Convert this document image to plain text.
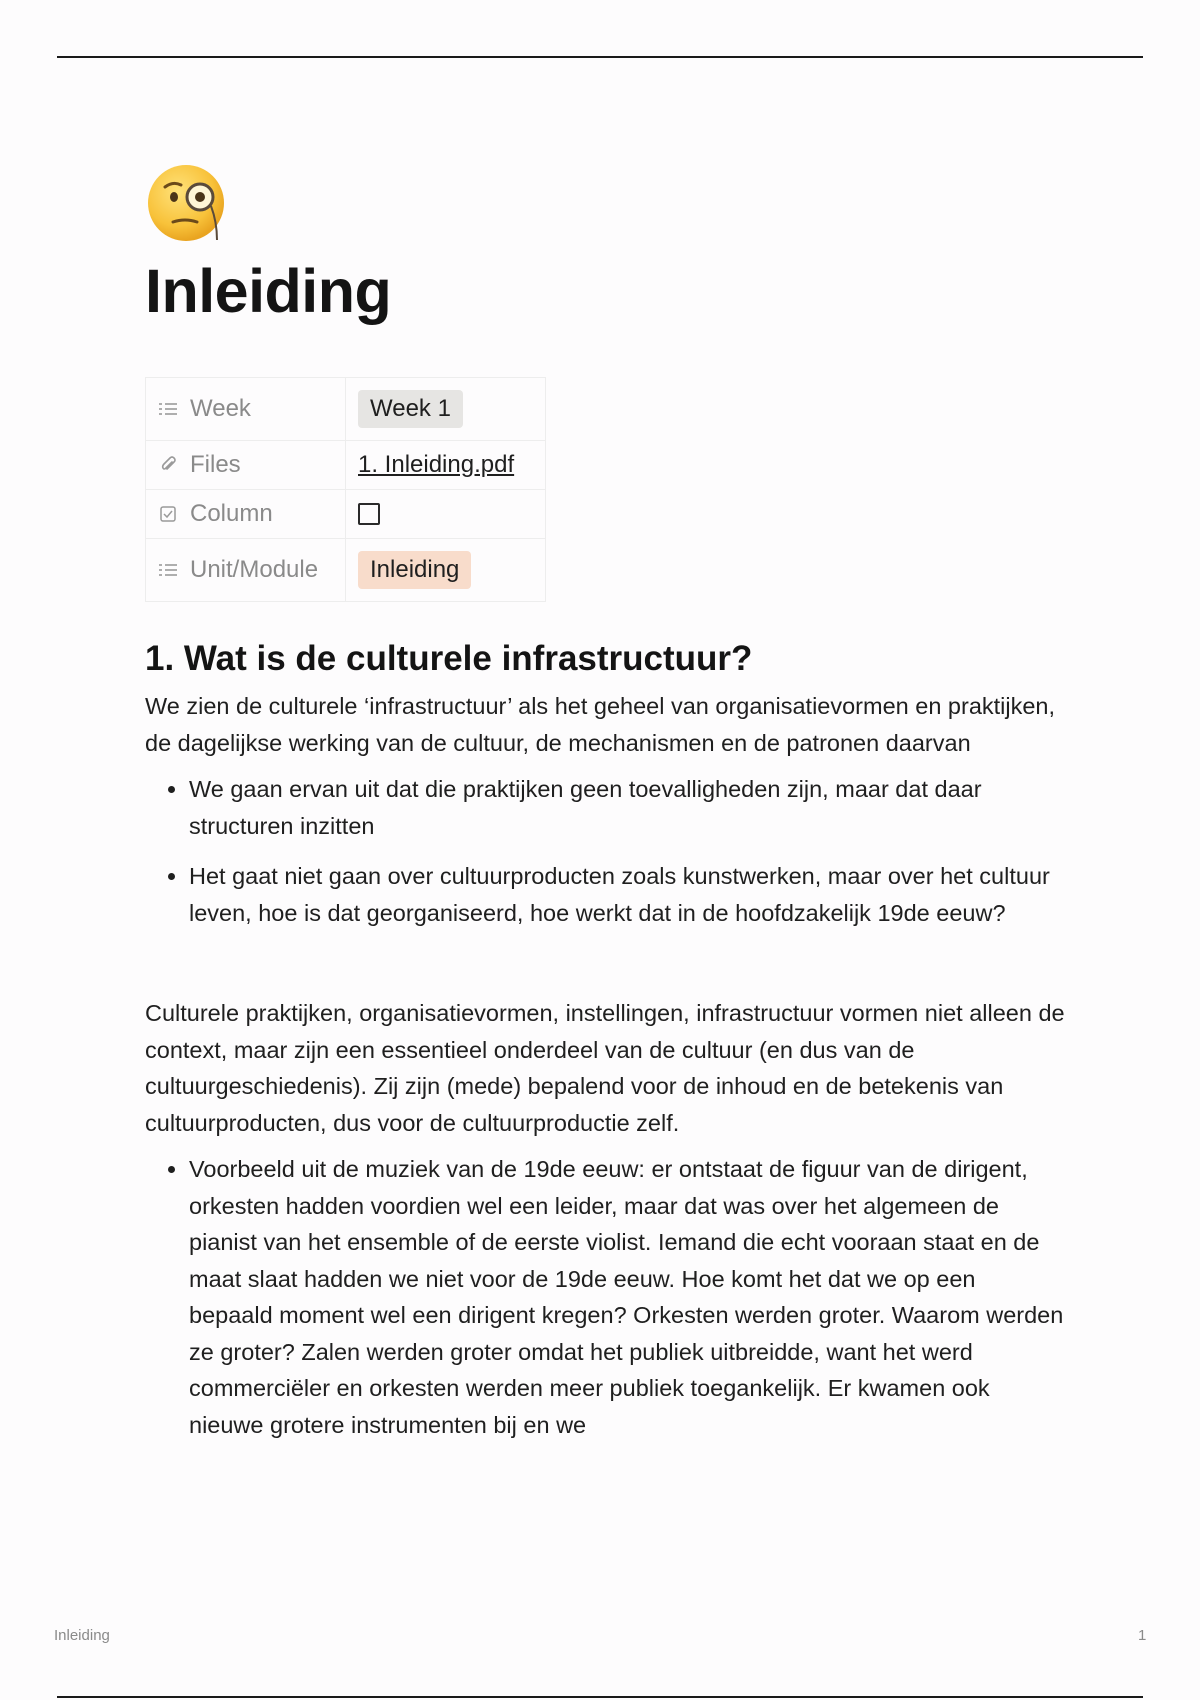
Inleiding
Week	Week 1

Files	1. Inleiding.pdf

Column	

Unit/Module	Inleiding
1. Wat is de culturele infrastructuur?

We zien de culturele ‘infrastructuur’ als het geheel van organisatievormen en praktijken, de dagelijkse werking van de cultuur, de mechanismen en de patronen daarvan

• We gaan ervan uit dat die praktijken geen toevalligheden zijn, maar dat daar structuren inzitten
• Het gaat niet gaan over cultuurproducten zoals kunstwerken, maar over het cultuur leven, hoe is dat georganiseerd, hoe werkt dat in de hoofdzakelijk 19de eeuw?

Culturele praktijken, organisatievormen, instellingen, infrastructuur vormen niet alleen de context, maar zijn een essentieel onderdeel van de cultuur (en dus van de cultuurgeschiedenis). Zij zijn (mede) bepalend voor de inhoud en de betekenis van cultuurproducten, dus voor de cultuurproductie zelf.

• Voorbeeld uit de muziek van de 19de eeuw: er ontstaat de figuur van de dirigent, orkesten hadden voordien wel een leider, maar dat was over het algemeen de pianist van het ensemble of de eerste violist. Iemand die echt vooraan staat en de maat slaat hadden we niet voor de 19de eeuw. Hoe komt het dat we op een bepaald moment wel een dirigent kregen? Orkesten werden groter. Waarom werden ze groter? Zalen werden groter omdat het publiek uitbreidde, want het werd commerciëler en orkesten werden meer publiek toegankelijk. Er kwamen ook nieuwe grotere instrumenten bij en we
Inleiding	1
